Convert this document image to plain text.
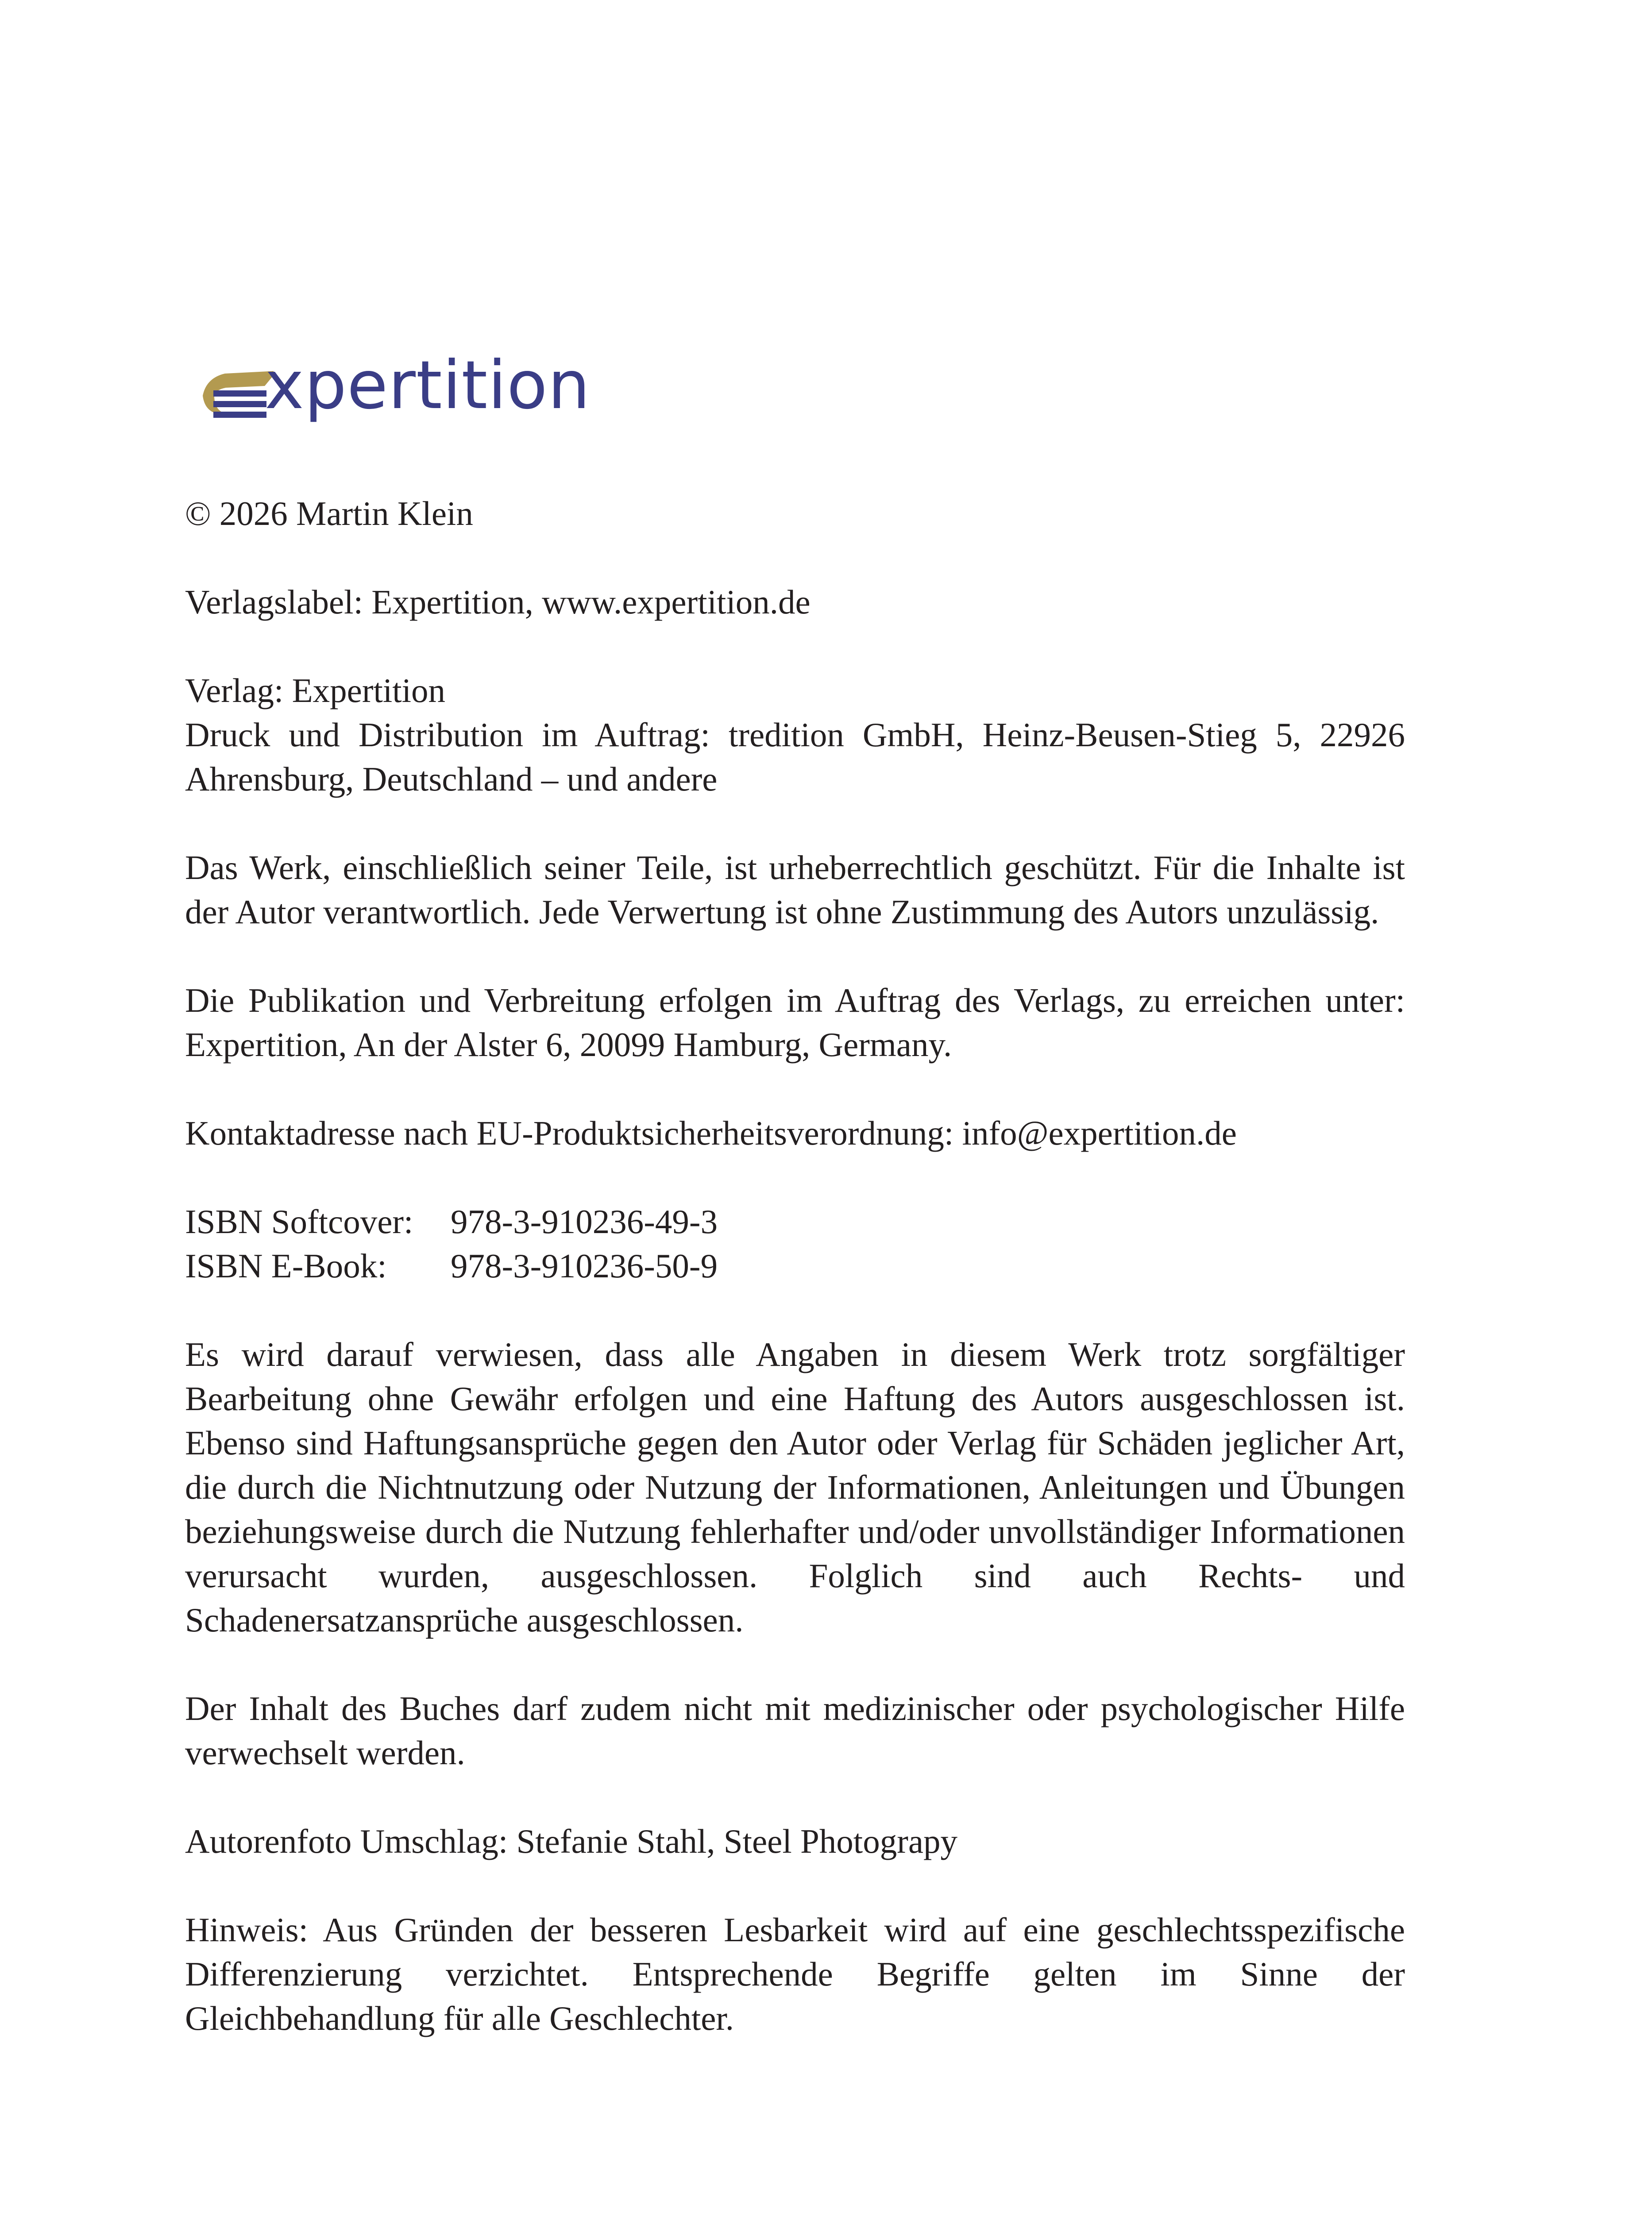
xpertition

© 2026 Martin Klein

Verlagslabel: Expertition, www.expertition.de

Verlag: Expertition
Druck und Distribution im Auftrag: tredition GmbH, Heinz-Beusen-Stieg 5, 22926 Ahrensburg, Deutschland – und andere

Das Werk, einschließlich seiner Teile, ist urheberrechtlich geschützt. Für die Inhalte ist der Autor verantwortlich. Jede Verwertung ist ohne Zustimmung des Autors unzulässig.

Die Publikation und Verbreitung erfolgen im Auftrag des Verlags, zu erreichen unter: Expertition, An der Alster 6, 20099 Hamburg, Germany.

Kontaktadresse nach EU-Produktsicherheitsverordnung: info@expertition.de

ISBN Softcover:	978-3-910236-49-3
ISBN E-Book:	978-3-910236-50-9

Es wird darauf verwiesen, dass alle Angaben in diesem Werk trotz sorgfältiger Bearbeitung ohne Gewähr erfolgen und eine Haftung des Autors ausgeschlossen ist. Ebenso sind Haftungsansprüche gegen den Autor oder Verlag für Schäden jeglicher Art, die durch die Nichtnutzung oder Nutzung der Informationen, Anleitungen und Übungen beziehungsweise durch die Nutzung fehlerhafter und/oder unvollständiger Informationen verursacht wurden, ausgeschlossen. Folglich sind auch Rechts- und Schadenersatzansprüche ausgeschlossen.

Der Inhalt des Buches darf zudem nicht mit medizinischer oder psychologischer Hilfe verwechselt werden.

Autorenfoto Umschlag: Stefanie Stahl, Steel Photograpy

Hinweis: Aus Gründen der besseren Lesbarkeit wird auf eine geschlechtsspezifische Differenzierung verzichtet. Entsprechende Begriffe gelten im Sinne der Gleichbehandlung für alle Geschlechter.
